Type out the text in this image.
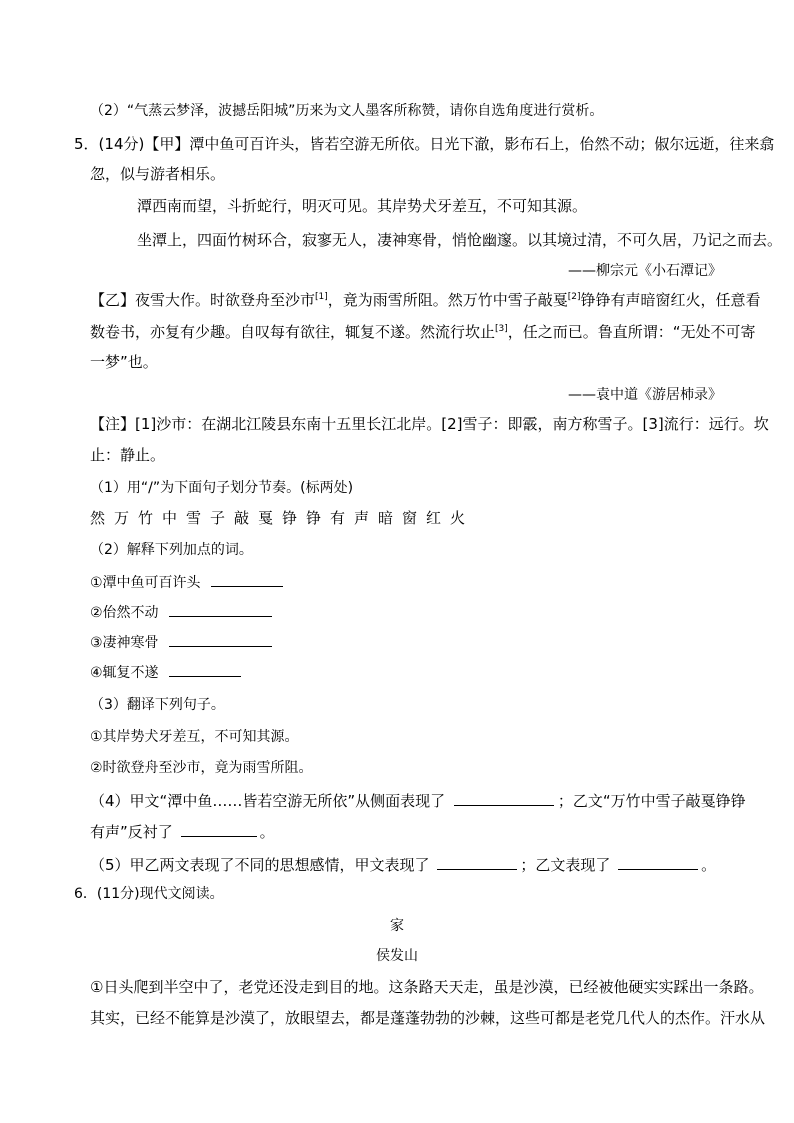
（2）“气蒸云梦泽，波撼岳阳城”历来为文人墨客所称赞，请你自选角度进行赏析。
5．(14分)【甲】潭中鱼可百许头，皆若空游无所依。日光下澈，影布石上，佁然不动；俶尔远逝，往来翕
忽，似与游者相乐。
潭西南而望，斗折蛇行，明灭可见。其岸势犬牙差互，不可知其源。
坐潭上，四面竹树环合，寂寥无人，凄神寒骨，悄怆幽邃。以其境过清，不可久居，乃记之而去。
——柳宗元《小石潭记》
【乙】夜雪大作。时欲登舟至沙市[1]，竟为雨雪所阻。然万竹中雪子敲戛[2]铮铮有声暗窗红火，任意看
数卷书，亦复有少趣。自叹每有欲往，辄复不遂。然流行坎止[3]，任之而已。鲁直所谓：“无处不可寄
一梦”也。
——袁中道《游居杮录》
【注】[1]沙市：在湖北江陵县东南十五里长江北岸。[2]雪子：即霰，南方称雪子。[3]流行：远行。坎
止：静止。
（1）用“/”为下面句子划分节奏。(标两处)
然万竹中雪子敲戛铮铮有声暗窗红火
（2）解释下列加点的词。
①潭中鱼可百许头
②佁然不动
③凄神寒骨
④辄复不遂
（3）翻译下列句子。
①其岸势犬牙差互，不可知其源。
②时欲登舟至沙市，竟为雨雪所阻。
（4）甲文“潭中鱼……皆若空游无所依”从侧面表现了	；乙文“万竹中雪子敲戛铮铮
有声”反衬了	。
（5）甲乙两文表现了不同的思想感情，甲文表现了	；乙文表现了	。
6．(11分)现代文阅读。
家
侯发山
①日头爬到半空中了，老党还没走到目的地。这条路天天走，虽是沙漠，已经被他硬实实踩出一条路。
其实，已经不能算是沙漠了，放眼望去，都是蓬蓬勃勃的沙棘，这些可都是老党几代人的杰作。汗水从
